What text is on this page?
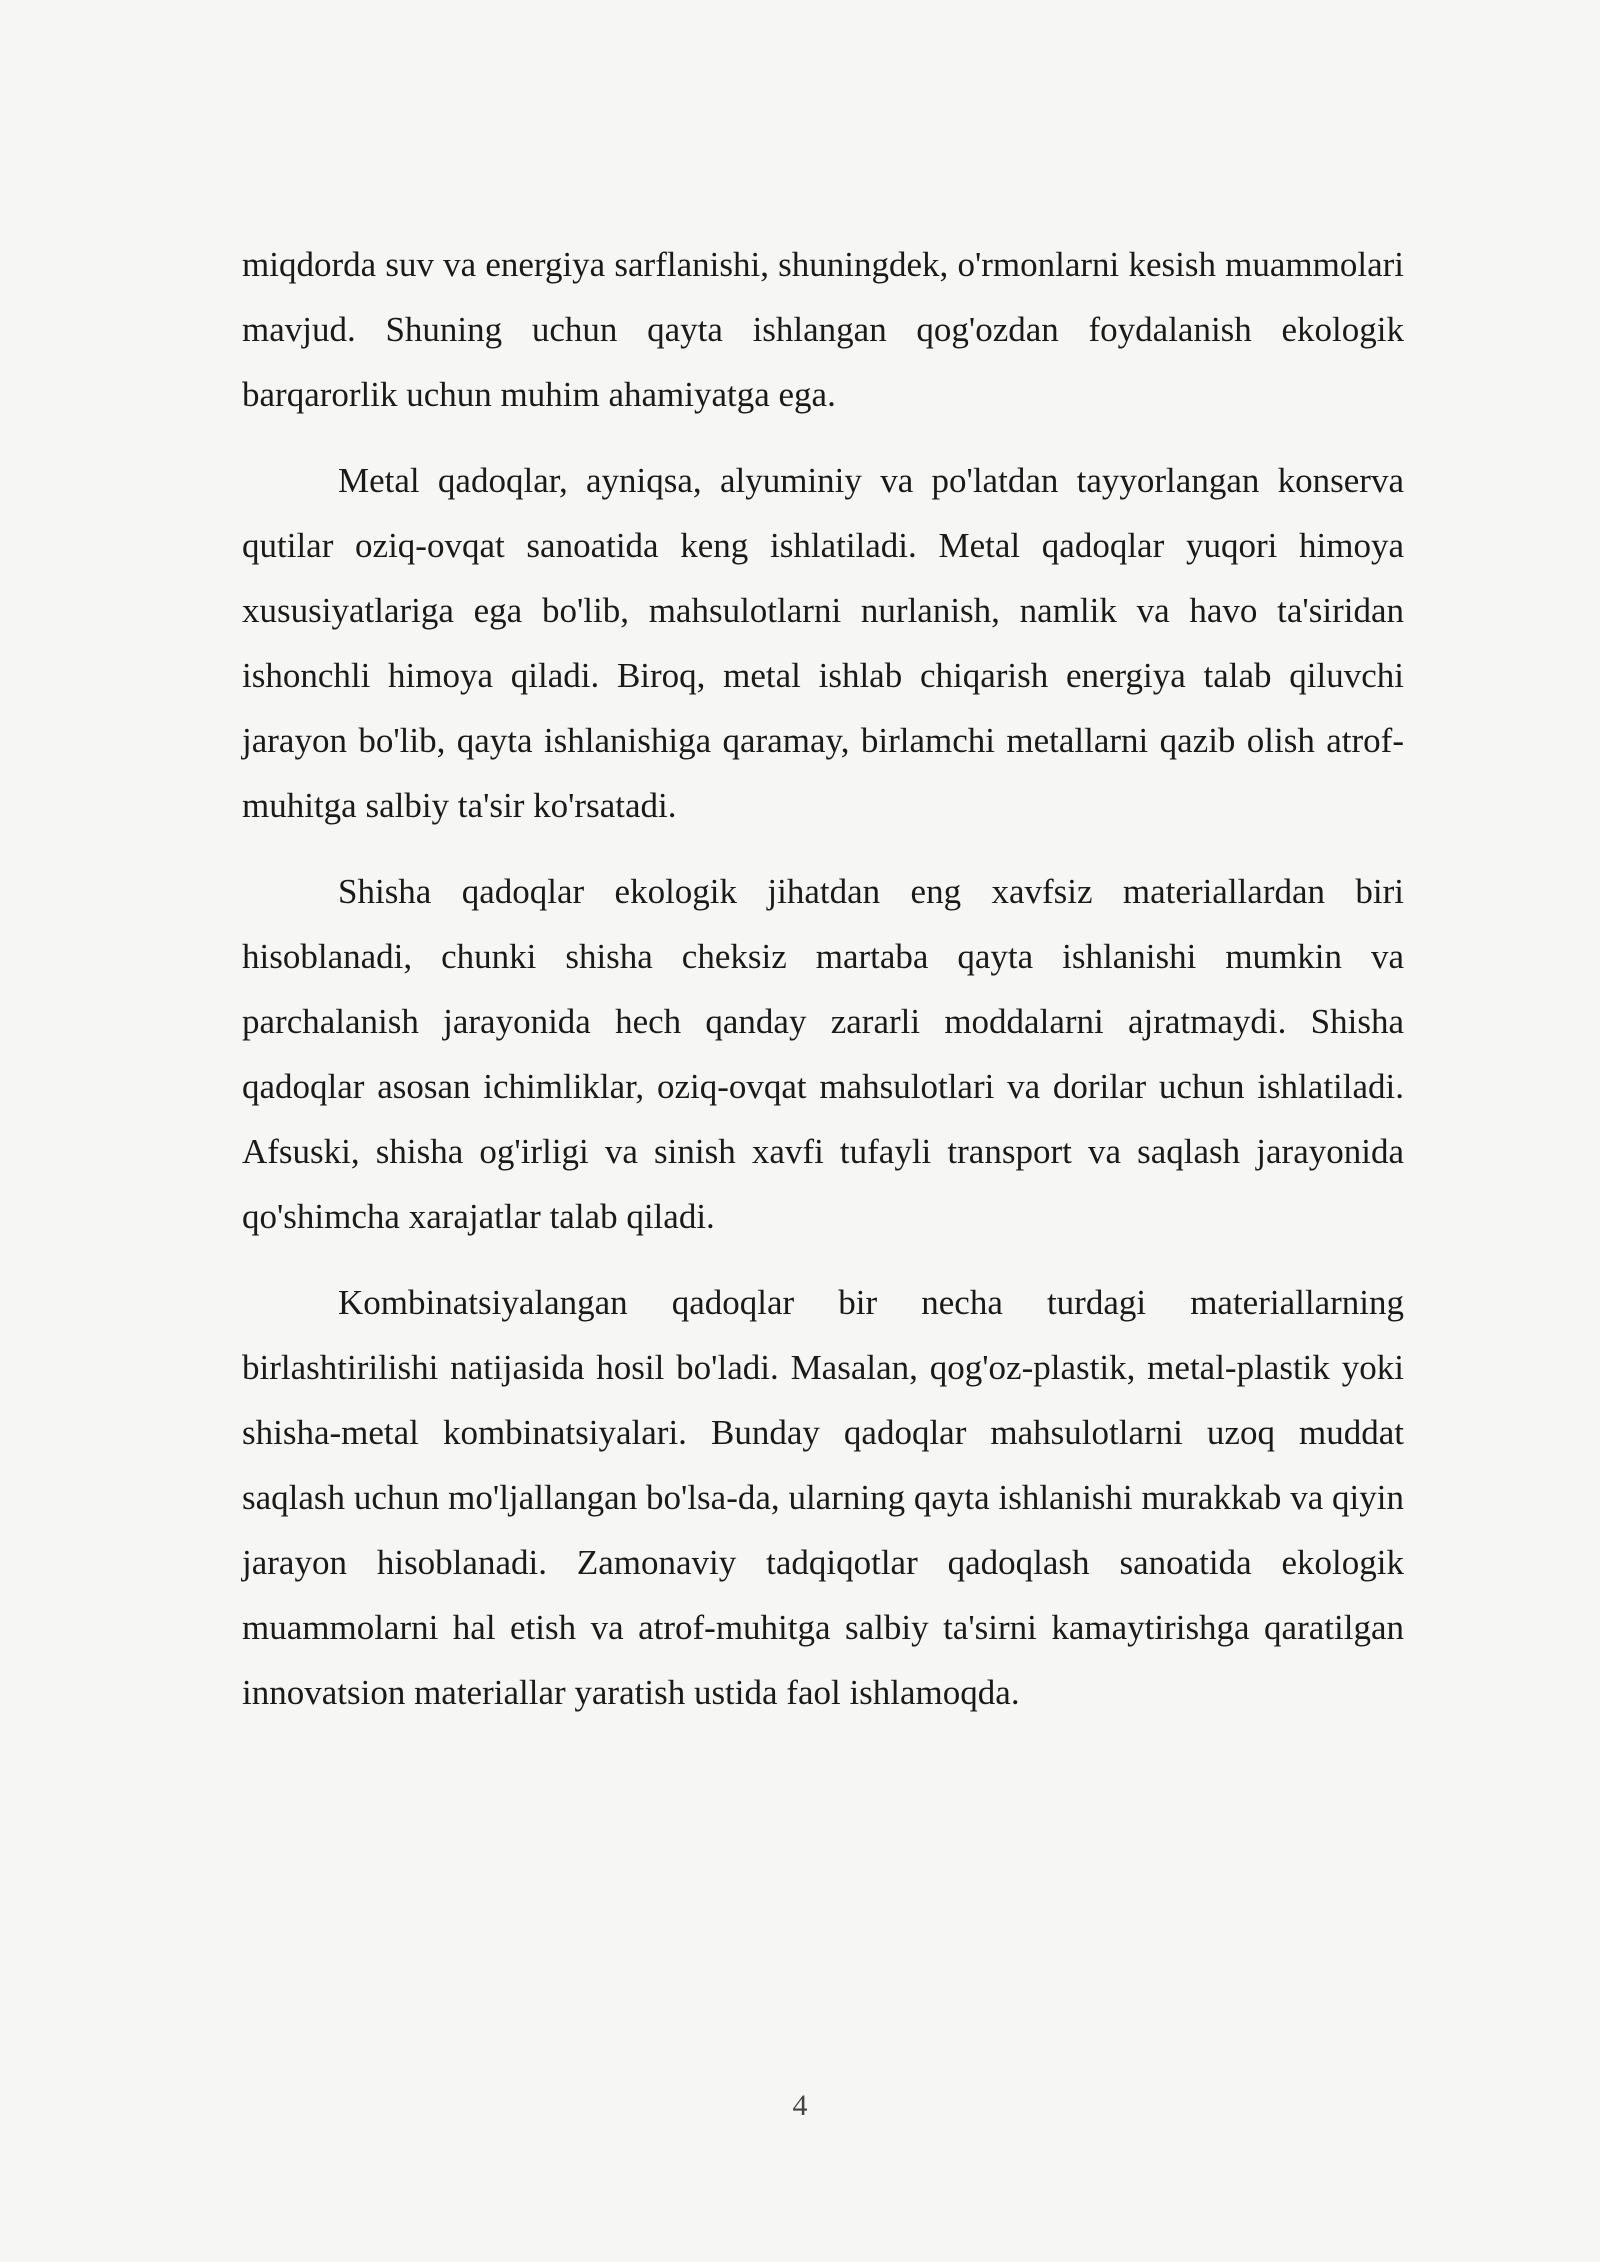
miqdorda suv va energiya sarflanishi, shuningdek, o'rmonlarni kesish muammolari mavjud. Shuning uchun qayta ishlangan qog'ozdan foydalanish ekologik barqarorlik uchun muhim ahamiyatga ega.

Metal qadoqlar, ayniqsa, alyuminiy va po'latdan tayyorlangan konserva qutilar oziq-ovqat sanoatida keng ishlatiladi. Metal qadoqlar yuqori himoya xususiyatlariga ega bo'lib, mahsulotlarni nurlanish, namlik va havo ta'siridan ishonchli himoya qiladi. Biroq, metal ishlab chiqarish energiya talab qiluvchi jarayon bo'lib, qayta ishlanishiga qaramay, birlamchi metallarni qazib olish atrof-muhitga salbiy ta'sir ko'rsatadi.

Shisha qadoqlar ekologik jihatdan eng xavfsiz materiallardan biri hisoblanadi, chunki shisha cheksiz martaba qayta ishlanishi mumkin va parchalanish jarayonida hech qanday zararli moddalarni ajratmaydi. Shisha qadoqlar asosan ichimliklar, oziq-ovqat mahsulotlari va dorilar uchun ishlatiladi. Afsuski, shisha og'irligi va sinish xavfi tufayli transport va saqlash jarayonida qo'shimcha xarajatlar talab qiladi.

Kombinatsiyalangan qadoqlar bir necha turdagi materiallarning birlashtirilishi natijasida hosil bo'ladi. Masalan, qog'oz-plastik, metal-plastik yoki shisha-metal kombinatsiyalari. Bunday qadoqlar mahsulotlarni uzoq muddat saqlash uchun mo'ljallangan bo'lsa-da, ularning qayta ishlanishi murakkab va qiyin jarayon hisoblanadi. Zamonaviy tadqiqotlar qadoqlash sanoatida ekologik muammolarni hal etish va atrof-muhitga salbiy ta'sirni kamaytirishga qaratilgan innovatsion materiallar yaratish ustida faol ishlamoqda.

4
